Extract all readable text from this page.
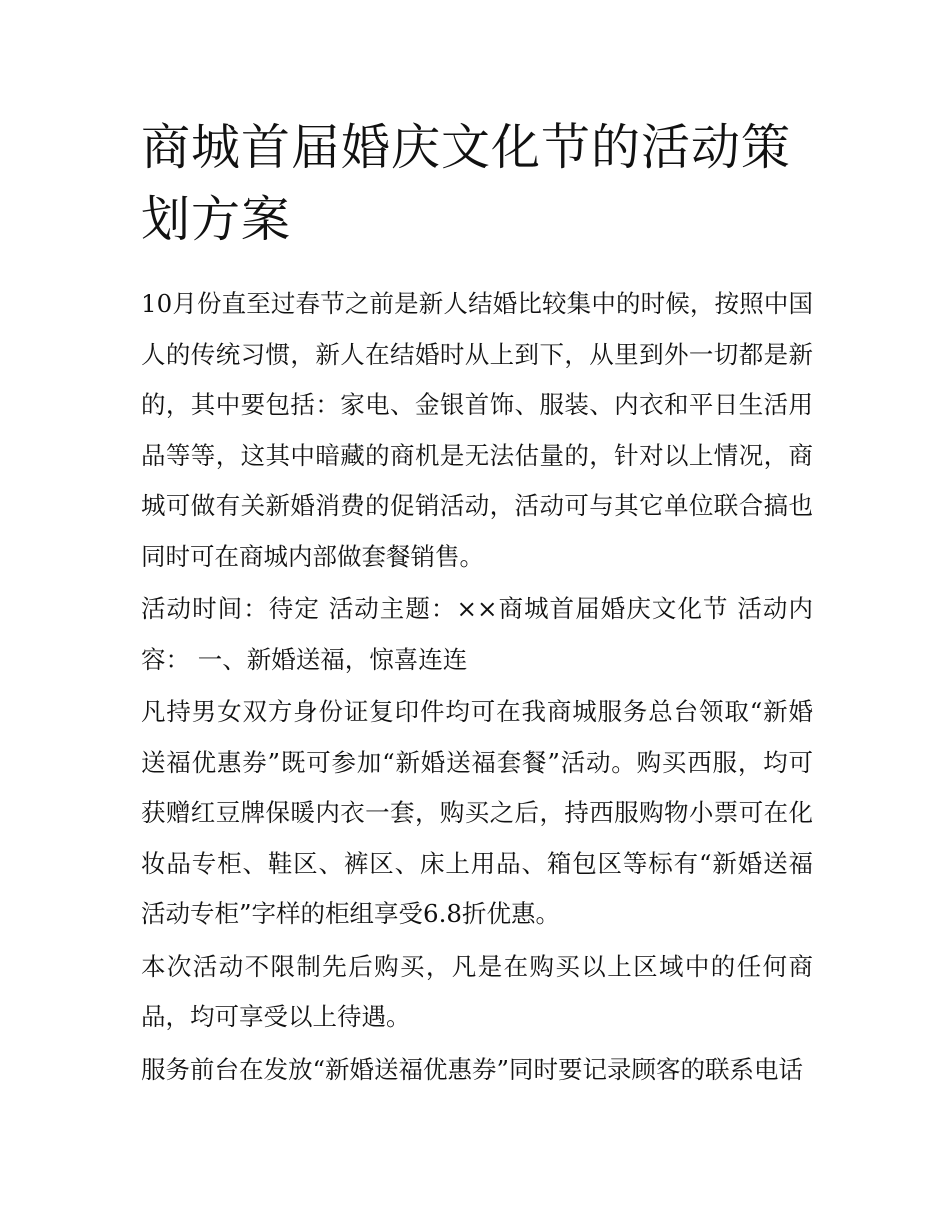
商城首届婚庆文化节的活动策划方案

10月份直至过春节之前是新人结婚比较集中的时候，按照中国人的传统习惯，新人在结婚时从上到下，从里到外一切都是新的，其中要包括：家电、金银首饰、服装、内衣和平日生活用品等等，这其中暗藏的商机是无法估量的，针对以上情况，商城可做有关新婚消费的促销活动，活动可与其它单位联合搞也同时可在商城内部做套餐销售。

活动时间：待定 活动主题：××商城首届婚庆文化节 活动内容： 一、新婚送福，惊喜连连

凡持男女双方身份证复印件均可在我商城服务总台领取“新婚送福优惠券”既可参加“新婚送福套餐”活动。购买西服，均可获赠红豆牌保暖内衣一套，购买之后，持西服购物小票可在化妆品专柜、鞋区、裤区、床上用品、箱包区等标有“新婚送福活动专柜”字样的柜组享受6.8折优惠。

本次活动不限制先后购买，凡是在购买以上区域中的任何商品，均可享受以上待遇。

服务前台在发放“新婚送福优惠券”同时要记录顾客的联系电话
